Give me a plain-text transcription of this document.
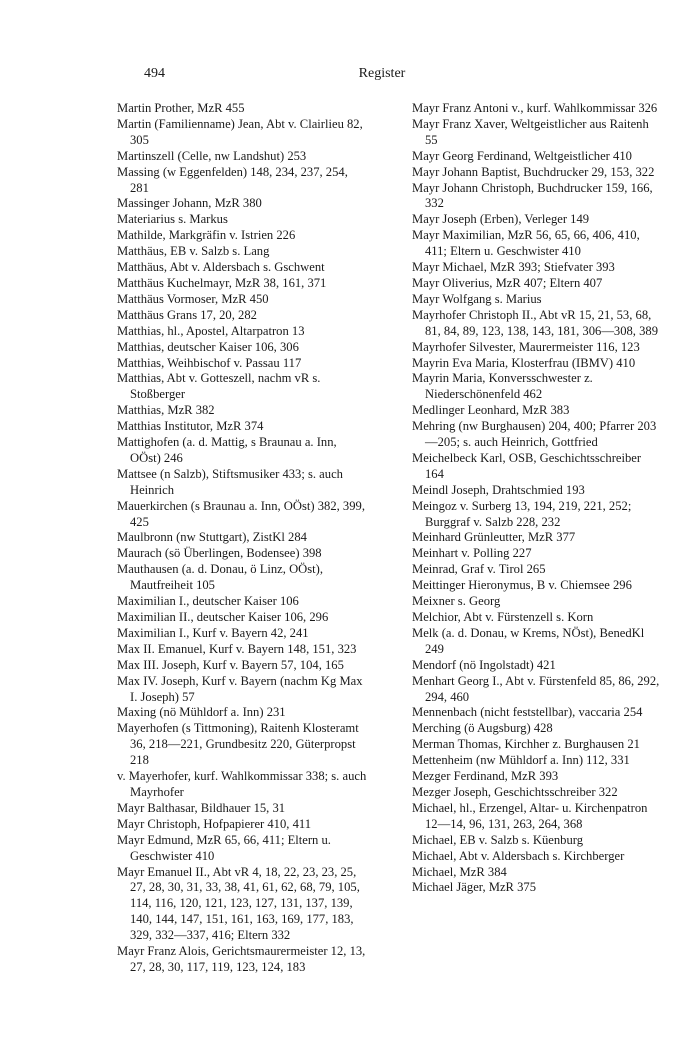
494	Register

Martin Prother, MzR 455

Martin (Familienname) Jean, Abt v. Clairlieu 82, 305

Martinszell (Celle, nw Landshut) 253

Massing (w Eggenfelden) 148, 234, 237, 254, 281

Massinger Johann, MzR 380

Materiarius s. Markus

Mathilde, Markgräfin v. Istrien 226

Matthäus, EB v. Salzb s. Lang

Matthäus, Abt v. Aldersbach s. Gschwent

Matthäus Kuchelmayr, MzR 38, 161, 371

Matthäus Vormoser, MzR 450

Matthäus Grans 17, 20, 282

Matthias, hl., Apostel, Altarpatron 13

Matthias, deutscher Kaiser 106, 306

Matthias, Weihbischof v. Passau 117

Matthias, Abt v. Gotteszell, nachm vR s. Stoßberger

Matthias, MzR 382

Matthias Institutor, MzR 374

Mattighofen (a. d. Mattig, s Braunau a. Inn, OÖst) 246

Mattsee (n Salzb), Stiftsmusiker 433; s. auch Heinrich

Mauerkirchen (s Braunau a. Inn, OÖst) 382, 399, 425

Maulbronn (nw Stuttgart), ZistKl 284

Maurach (sö Überlingen, Bodensee) 398

Mauthausen (a. d. Donau, ö Linz, OÖst), Mautfreiheit 105

Maximilian I., deutscher Kaiser 106

Maximilian II., deutscher Kaiser 106, 296

Maximilian I., Kurf v. Bayern 42, 241

Max II. Emanuel, Kurf v. Bayern 148, 151, 323

Max III. Joseph, Kurf v. Bayern 57, 104, 165

Max IV. Joseph, Kurf v. Bayern (nachm Kg Max I. Joseph) 57

Maxing (nö Mühldorf a. Inn) 231

Mayerhofen (s Tittmoning), Raitenh Klosteramt 36, 218—221, Grundbesitz 220, Güterpropst 218

v. Mayerhofer, kurf. Wahlkommissar 338; s. auch Mayrhofer

Mayr Balthasar, Bildhauer 15, 31

Mayr Christoph, Hofpapierer 410, 411

Mayr Edmund, MzR 65, 66, 411; Eltern u. Geschwister 410

Mayr Emanuel II., Abt vR 4, 18, 22, 23, 23, 25, 27, 28, 30, 31, 33, 38, 41, 61, 62, 68, 79, 105, 114, 116, 120, 121, 123, 127, 131, 137, 139, 140, 144, 147, 151, 161, 163, 169, 177, 183, 329, 332—337, 416; Eltern 332

Mayr Franz Alois, Gerichtsmaurermeister 12, 13, 27, 28, 30, 117, 119, 123, 124, 183

Mayr Franz Antoni v., kurf. Wahlkommissar 326

Mayr Franz Xaver, Weltgeistlicher aus Raitenh 55

Mayr Georg Ferdinand, Weltgeistlicher 410

Mayr Johann Baptist, Buchdrucker 29, 153, 322

Mayr Johann Christoph, Buchdrucker 159, 166, 332

Mayr Joseph (Erben), Verleger 149

Mayr Maximilian, MzR 56, 65, 66, 406, 410, 411; Eltern u. Geschwister 410

Mayr Michael, MzR 393; Stiefvater 393

Mayr Oliverius, MzR 407; Eltern 407

Mayr Wolfgang s. Marius

Mayrhofer Christoph II., Abt vR 15, 21, 53, 68, 81, 84, 89, 123, 138, 143, 181, 306—308, 389

Mayrhofer Silvester, Maurermeister 116, 123

Mayrin Eva Maria, Klosterfrau (IBMV) 410

Mayrin Maria, Konversschwester z. Niederschönenfeld 462

Medlinger Leonhard, MzR 383

Mehring (nw Burghausen) 204, 400; Pfarrer 203—205; s. auch Heinrich, Gottfried

Meichelbeck Karl, OSB, Geschichtsschreiber 164

Meindl Joseph, Drahtschmied 193

Meingoz v. Surberg 13, 194, 219, 221, 252; Burggraf v. Salzb 228, 232

Meinhard Grünleutter, MzR 377

Meinhart v. Polling 227

Meinrad, Graf v. Tirol 265

Meittinger Hieronymus, B v. Chiemsee 296

Meixner s. Georg

Melchior, Abt v. Fürstenzell s. Korn

Melk (a. d. Donau, w Krems, NÖst), BenedKl 249

Mendorf (nö Ingolstadt) 421

Menhart Georg I., Abt v. Fürstenfeld 85, 86, 292, 294, 460

Mennenbach (nicht feststellbar), vaccaria 254

Merching (ö Augsburg) 428

Merman Thomas, Kirchher z. Burghausen 21

Mettenheim (nw Mühldorf a. Inn) 112, 331

Mezger Ferdinand, MzR 393

Mezger Joseph, Geschichtsschreiber 322

Michael, hl., Erzengel, Altar- u. Kirchenpatron 12—14, 96, 131, 263, 264, 368

Michael, EB v. Salzb s. Küenburg

Michael, Abt v. Aldersbach s. Kirchberger

Michael, MzR 384

Michael Jäger, MzR 375
